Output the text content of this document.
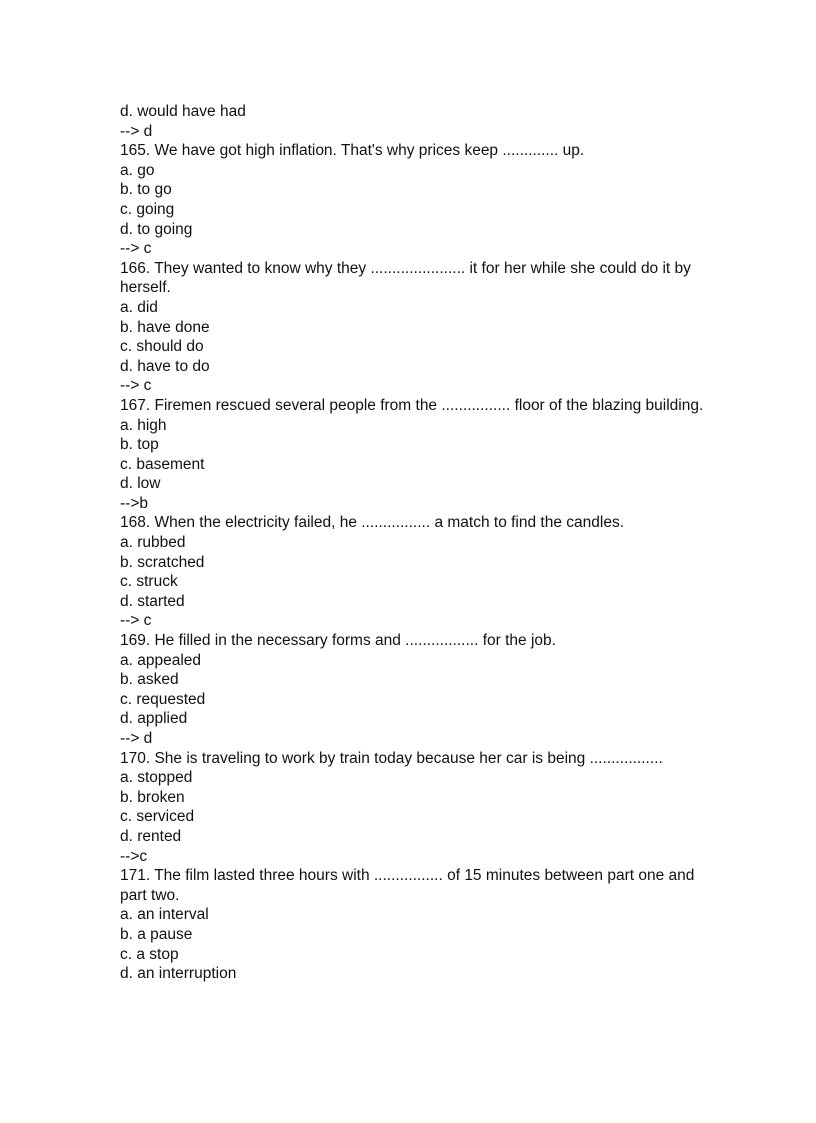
d. would have had
--> d
165. We have got high inflation. That's why prices keep ............. up.
a. go
b. to go
c. going
d. to going
--> c
166. They wanted to know why they ...................... it for her while she could do it by herself.
a. did
b. have done
c. should do
d. have to do
--> c
167. Firemen rescued several people from the ................ floor of the blazing building.
a. high
b. top
c. basement
d. low
-->b
168. When the electricity failed, he ................ a match to find the candles.
a. rubbed
b. scratched
c. struck
d. started
--> c
169. He filled in the necessary forms and ................. for the job.
a. appealed
b. asked
c. requested
d. applied
--> d
170. She is traveling to work by train today because her car is being .................
a. stopped
b. broken
c. serviced
d. rented
-->c
171. The film lasted three hours with ................ of 15 minutes between part one and part two.
a. an interval
b. a pause
c. a stop
d. an interruption
